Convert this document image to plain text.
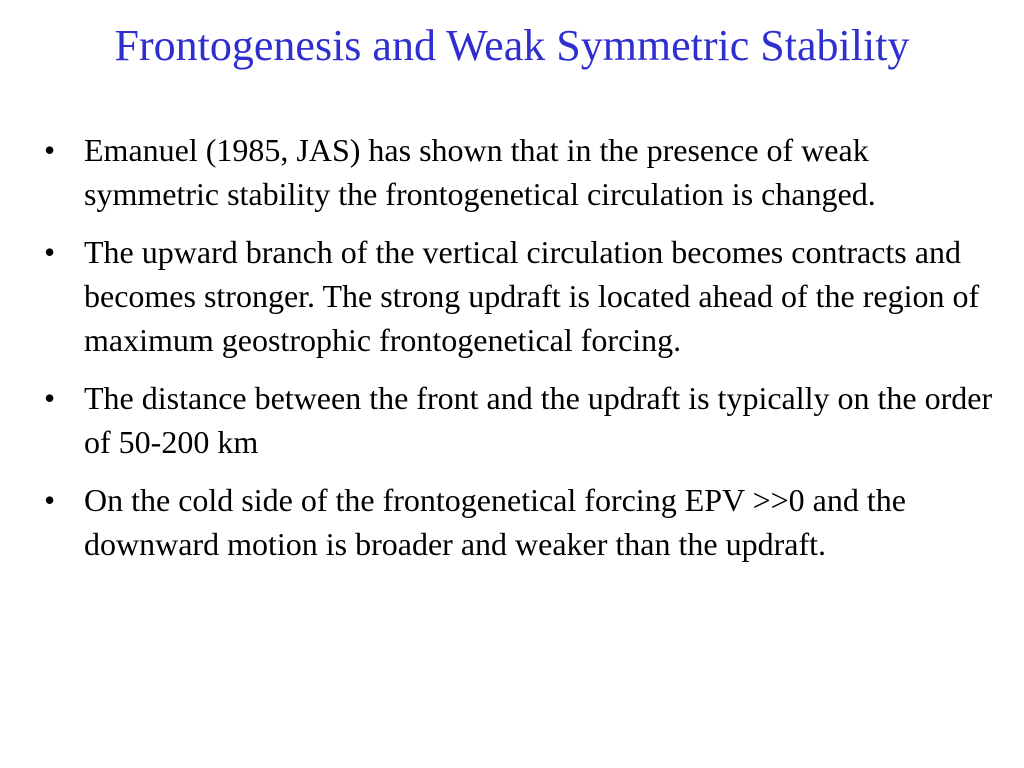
Frontogenesis and Weak Symmetric Stability
• Emanuel (1985, JAS) has shown that in the presence of weak symmetric stability the frontogenetical circulation is changed.
• The upward branch of the vertical circulation becomes contracts and becomes stronger. The strong updraft is located ahead of the region of maximum geostrophic frontogenetical forcing.
• The distance between the front and the updraft is typically on the order of 50-200 km
• On the cold side of the frontogenetical forcing EPV >>0 and the downward motion is broader and weaker than the updraft.
